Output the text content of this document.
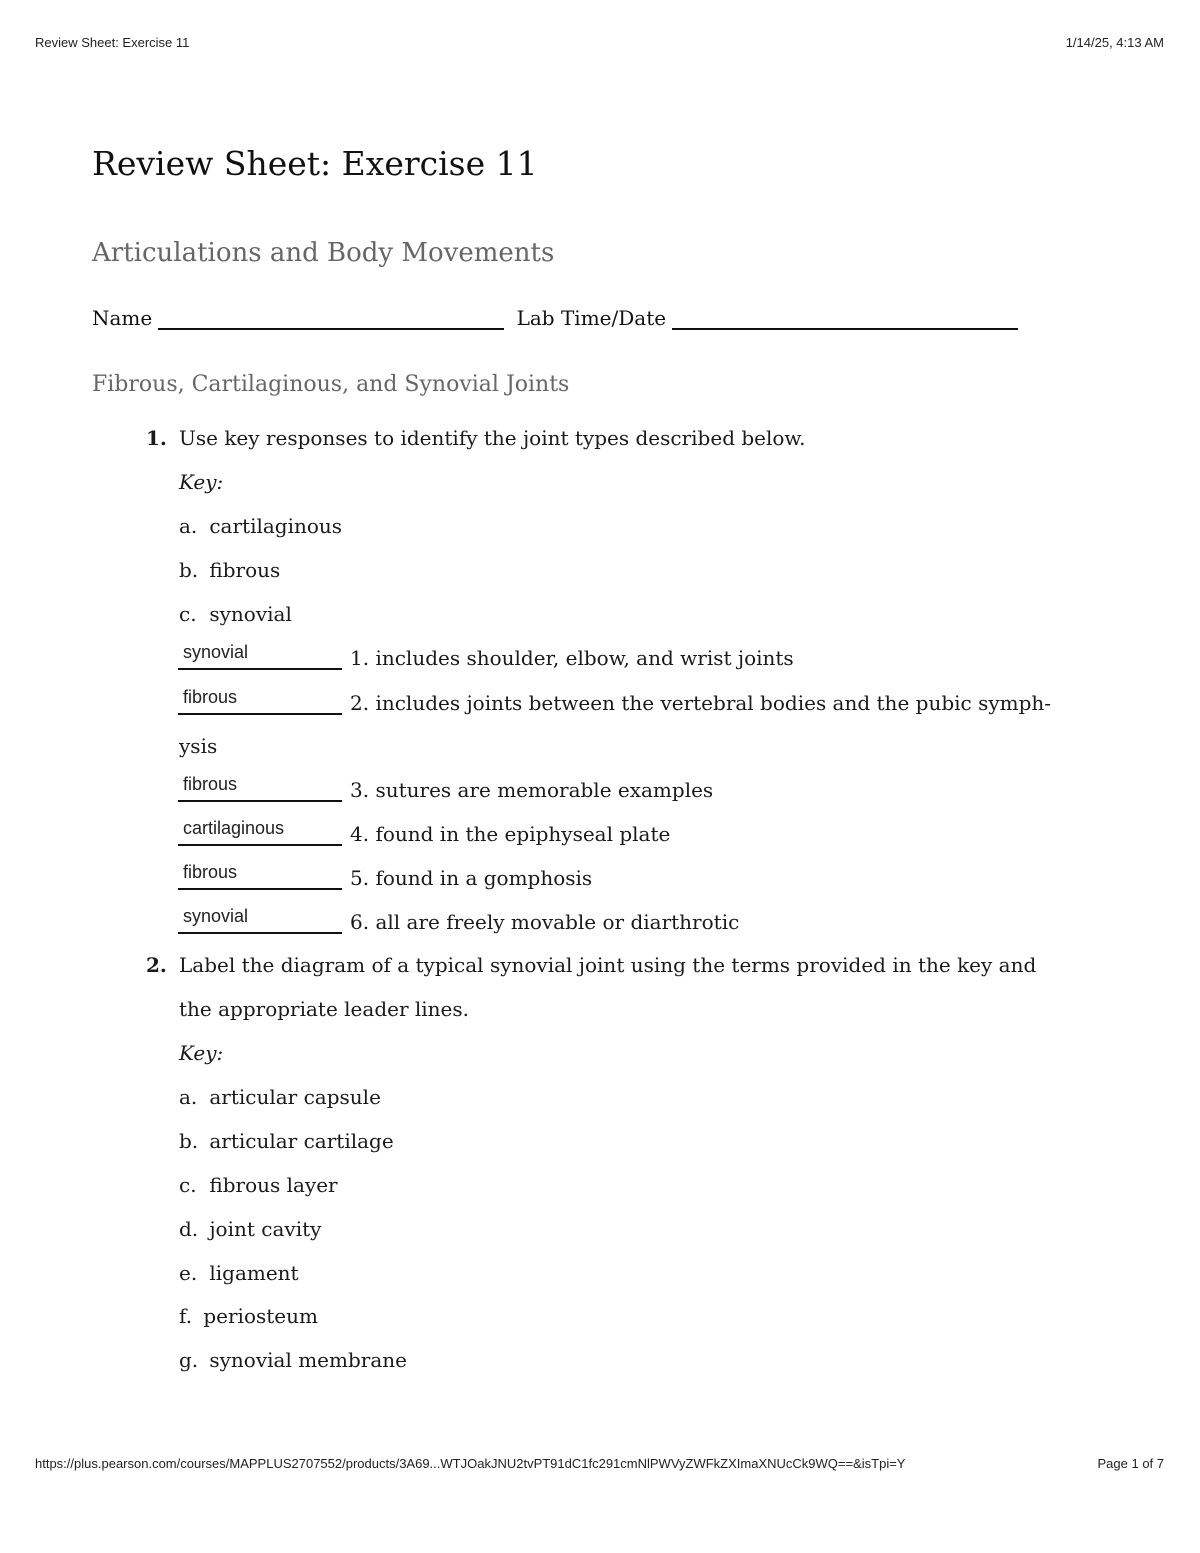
Review Sheet: Exercise 11	1/14/25, 4:13 AM
Review Sheet: Exercise 11
Articulations and Body Movements
Name	Lab Time/Date
Fibrous, Cartilaginous, and Synovial Joints
1. Use key responses to identify the joint types described below.
Key:
a. cartilaginous
b. fibrous
c. synovial
synovial	1. includes shoulder, elbow, and wrist joints
fibrous	2. includes joints between the vertebral bodies and the pubic symph-
ysis
fibrous	3. sutures are memorable examples
cartilaginous	4. found in the epiphyseal plate
fibrous	5. found in a gomphosis
synovial	6. all are freely movable or diarthrotic
2. Label the diagram of a typical synovial joint using the terms provided in the key and
the appropriate leader lines.
Key:
a. articular capsule
b. articular cartilage
c. fibrous layer
d. joint cavity
e. ligament
f. periosteum
g. synovial membrane
https://plus.pearson.com/courses/MAPPLUS2707552/products/3A69...WTJOakJNU2tvPT91dC1fc291cmNlPWVyZWFkZXImaXNUcCk9WQ==&isTpi=Y	Page 1 of 7
